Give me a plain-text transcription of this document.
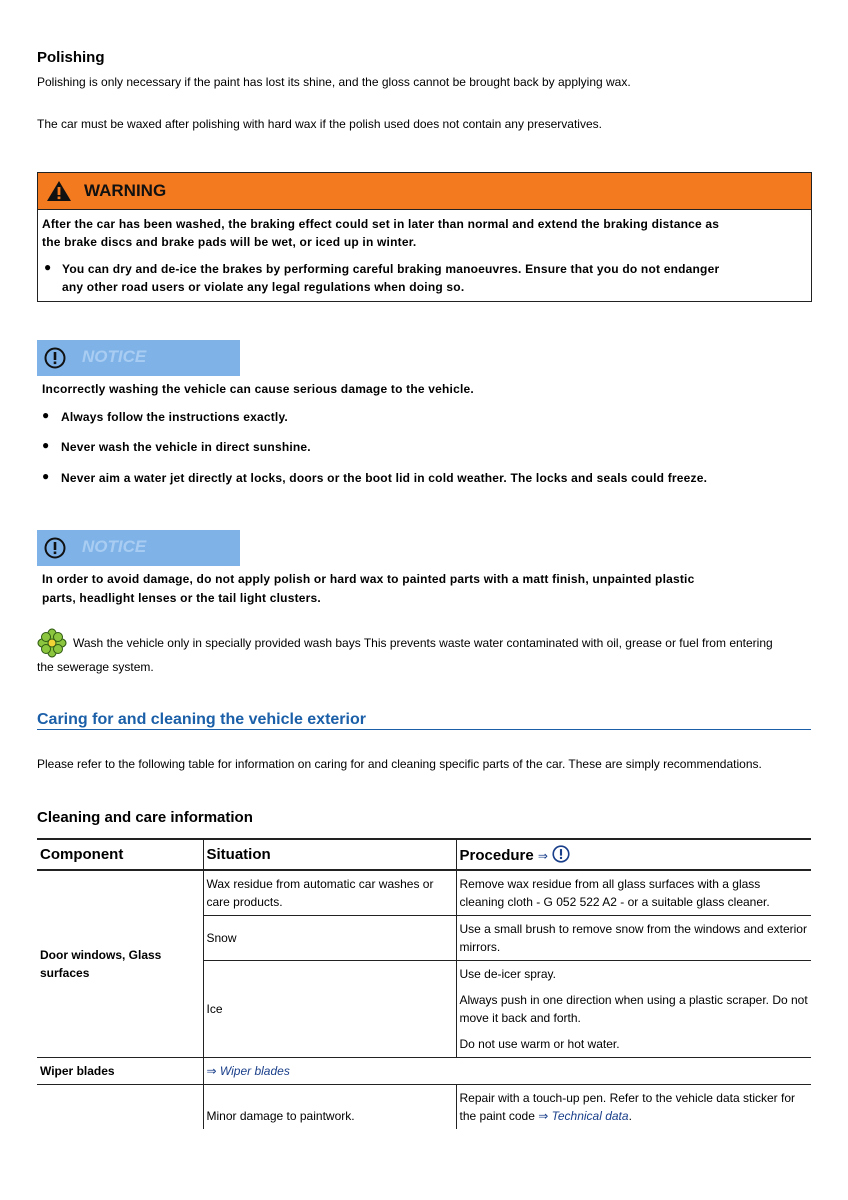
Polishing
Polishing is only necessary if the paint has lost its shine, and the gloss cannot be brought back by applying wax.
The car must be waxed after polishing with hard wax if the polish used does not contain any preservatives.
WARNING
After the car has been washed, the braking effect could set in later than normal and extend the braking distance as
the brake discs and brake pads will be wet, or iced up in winter.
● You can dry and de-ice the brakes by performing careful braking manoeuvres. Ensure that you do not endanger
any other road users or violate any legal regulations when doing so.
NOTICE
Incorrectly washing the vehicle can cause serious damage to the vehicle.
● Always follow the instructions exactly.
● Never wash the vehicle in direct sunshine.
● Never aim a water jet directly at locks, doors or the boot lid in cold weather. The locks and seals could freeze.
NOTICE
In order to avoid damage, do not apply polish or hard wax to painted parts with a matt finish, unpainted plastic
parts, headlight lenses or the tail light clusters.
Wash the vehicle only in specially provided wash bays This prevents waste water contaminated with oil, grease or fuel from entering
the sewerage system.
Caring for and cleaning the vehicle exterior
Please refer to the following table for information on caring for and cleaning specific parts of the car. These are simply recommendations.
Cleaning and care information
Component	Situation	Procedure ⇒
Door windows, Glass surfaces	Wax residue from automatic car washes or care products.	Remove wax residue from all glass surfaces with a glass cleaning cloth - G 052 522 A2 - or a suitable glass cleaner.
	Snow	Use a small brush to remove snow from the windows and exterior mirrors.
	Ice	Use de-icer spray.
Always push in one direction when using a plastic scraper. Do not move it back and forth.
Do not use warm or hot water.

Wiper blades	⇒ Wiper blades	
	Minor damage to paintwork.	Repair with a touch-up pen. Refer to the vehicle data sticker for the paint code ⇒ Technical data.
